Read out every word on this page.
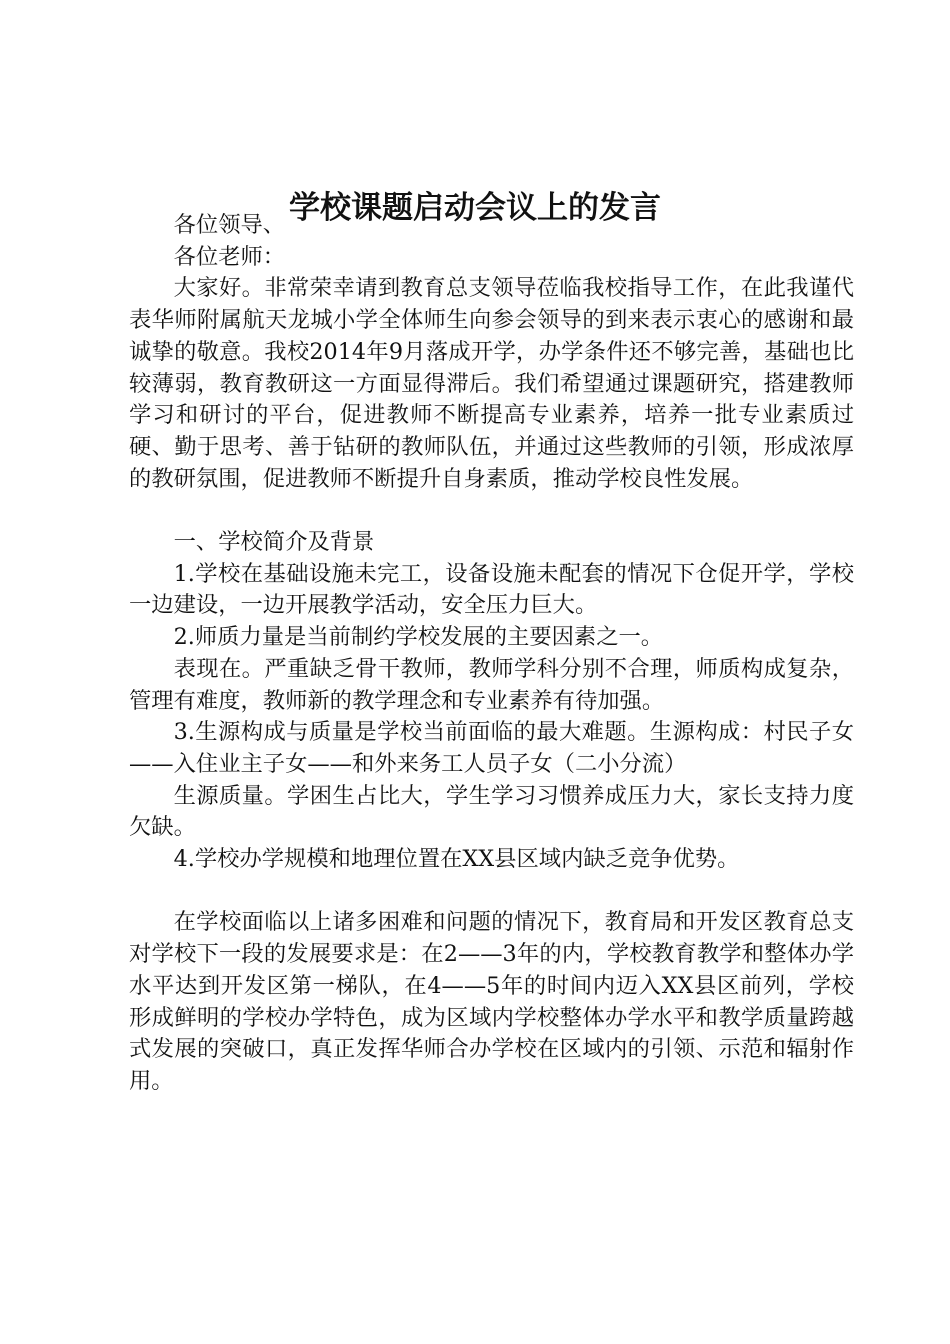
学校课题启动会议上的发言

各位领导、

各位老师：

大家好。非常荣幸请到教育总支领导莅临我校指导工作，在此我谨代表华师附属航天龙城小学全体师生向参会领导的到来表示衷心的感谢和最诚挚的敬意。我校2014年9月落成开学，办学条件还不够完善，基础也比较薄弱，教育教研这一方面显得滞后。我们希望通过课题研究，搭建教师学习和研讨的平台，促进教师不断提高专业素养，培养一批专业素质过硬、勤于思考、善于钻研的教师队伍，并通过这些教师的引领，形成浓厚的教研氛围，促进教师不断提升自身素质，推动学校良性发展。

一、学校简介及背景

1.学校在基础设施未完工，设备设施未配套的情况下仓促开学，学校一边建设，一边开展教学活动，安全压力巨大。

2.师质力量是当前制约学校发展的主要因素之一。

表现在。严重缺乏骨干教师，教师学科分别不合理，师质构成复杂，管理有难度，教师新的教学理念和专业素养有待加强。

3.生源构成与质量是学校当前面临的最大难题。生源构成：村民子女——入住业主子女——和外来务工人员子女（二小分流）

生源质量。学困生占比大，学生学习习惯养成压力大，家长支持力度欠缺。

4.学校办学规模和地理位置在XX县区域内缺乏竞争优势。

在学校面临以上诸多困难和问题的情况下，教育局和开发区教育总支对学校下一段的发展要求是：在2——3年的内，学校教育教学和整体办学水平达到开发区第一梯队，在4——5年的时间内迈入XX县区前列，学校形成鲜明的学校办学特色，成为区域内学校整体办学水平和教学质量跨越式发展的突破口，真正发挥华师合办学校在区域内的引领、示范和辐射作用。
